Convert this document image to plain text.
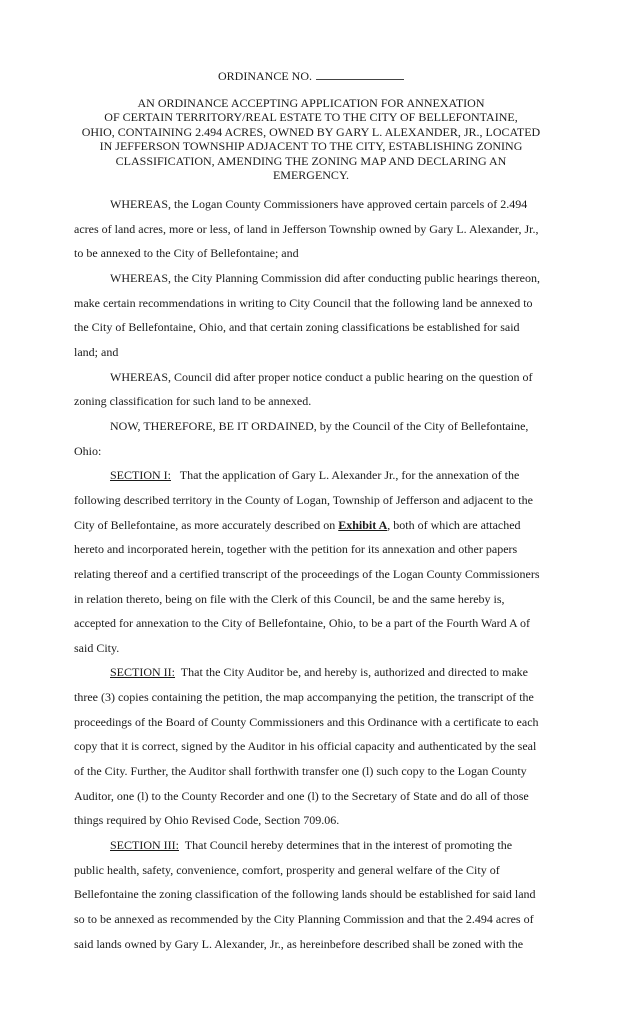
ORDINANCE NO.
AN ORDINANCE ACCEPTING APPLICATION FOR ANNEXATION
OF CERTAIN TERRITORY/REAL ESTATE TO THE CITY OF BELLEFONTAINE,
OHIO, CONTAINING 2.494 ACRES, OWNED BY GARY L. ALEXANDER, JR., LOCATED
IN JEFFERSON TOWNSHIP ADJACENT TO THE CITY, ESTABLISHING ZONING
CLASSIFICATION, AMENDING THE ZONING MAP AND DECLARING AN
EMERGENCY.
WHEREAS, the Logan County Commissioners have approved certain parcels of 2.494
acres of land acres, more or less, of land in Jefferson Township owned by Gary L. Alexander, Jr.,
to be annexed to the City of Bellefontaine; and
WHEREAS, the City Planning Commission did after conducting public hearings thereon,
make certain recommendations in writing to City Council that the following land be annexed to
the City of Bellefontaine, Ohio, and that certain zoning classifications be established for said
land; and
WHEREAS, Council did after proper notice conduct a public hearing on the question of
zoning classification for such land to be annexed.
NOW, THEREFORE, BE IT ORDAINED, by the Council of the City of Bellefontaine,
Ohio:
SECTION I:   That the application of Gary L. Alexander Jr., for the annexation of the
following described territory in the County of Logan, Township of Jefferson and adjacent to the
City of Bellefontaine, as more accurately described on Exhibit A, both of which are attached
hereto and incorporated herein, together with the petition for its annexation and other papers
relating thereof and a certified transcript of the proceedings of the Logan County Commissioners
in relation thereto, being on file with the Clerk of this Council, be and the same hereby is,
accepted for annexation to the City of Bellefontaine, Ohio, to be a part of the Fourth Ward A of
said City.
SECTION II:  That the City Auditor be, and hereby is, authorized and directed to make
three (3) copies containing the petition, the map accompanying the petition, the transcript of the
proceedings of the Board of County Commissioners and this Ordinance with a certificate to each
copy that it is correct, signed by the Auditor in his official capacity and authenticated by the seal
of the City. Further, the Auditor shall forthwith transfer one (l) such copy to the Logan County
Auditor, one (l) to the County Recorder and one (l) to the Secretary of State and do all of those
things required by Ohio Revised Code, Section 709.06.
SECTION III:  That Council hereby determines that in the interest of promoting the
public health, safety, convenience, comfort, prosperity and general welfare of the City of
Bellefontaine the zoning classification of the following lands should be established for said land
so to be annexed as recommended by the City Planning Commission and that the 2.494 acres of
said lands owned by Gary L. Alexander, Jr., as hereinbefore described shall be zoned with the
